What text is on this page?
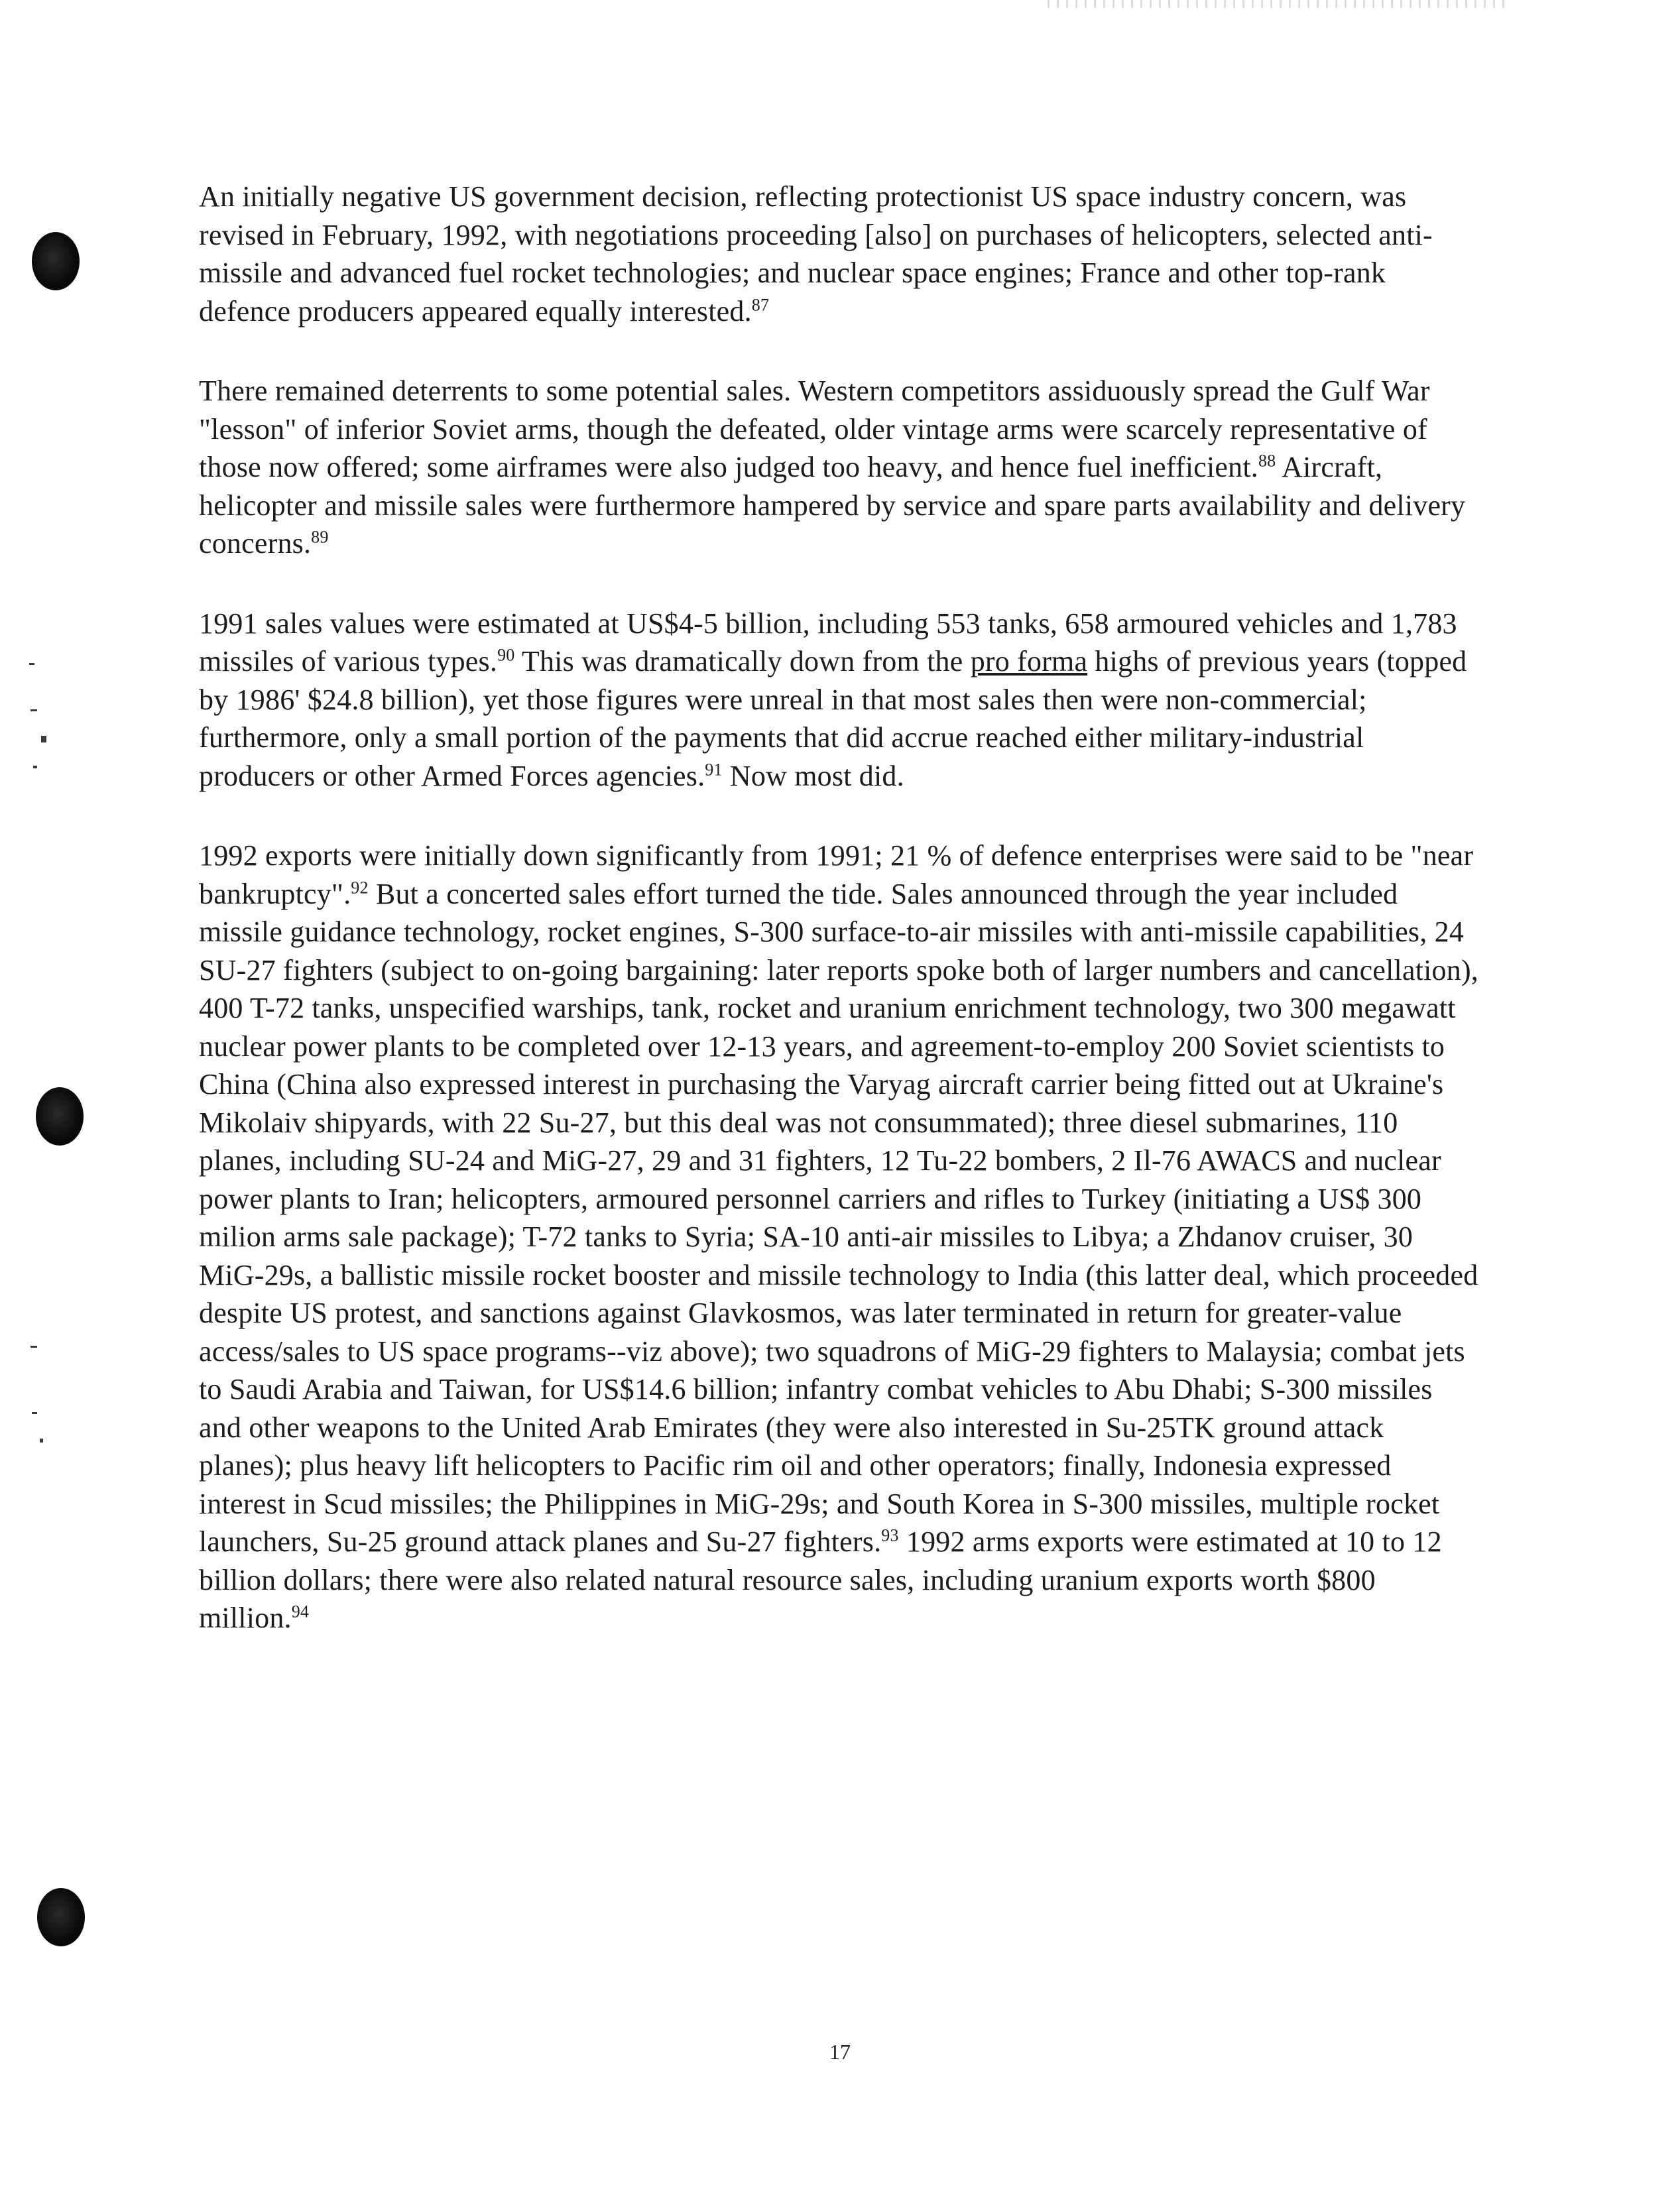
An initially negative US government decision, reflecting protectionist US space industry concern, was revised in February, 1992, with negotiations proceeding [also] on purchases of helicopters, selected anti-missile and advanced fuel rocket technologies; and nuclear space engines; France and other top-rank defence producers appeared equally interested.$^{87}$

There remained deterrents to some potential sales. Western competitors assiduously spread the Gulf War "lesson" of inferior Soviet arms, though the defeated, older vintage arms were scarcely representative of those now offered; some airframes were also judged too heavy, and hence fuel inefficient.$^{88}$ Aircraft, helicopter and missile sales were furthermore hampered by service and spare parts availability and delivery concerns.$^{89}$

1991 sales values were estimated at US$4-5 billion, including 553 tanks, 658 armoured vehicles and 1,783 missiles of various types.$^{90}$ This was dramatically down from the pro forma highs of previous years (topped by 1986' $24.8 billion), yet those figures were unreal in that most sales then were non-commercial; furthermore, only a small portion of the payments that did accrue reached either military-industrial producers or other Armed Forces agencies.$^{91}$ Now most did.

1992 exports were initially down significantly from 1991; 21 % of defence enterprises were said to be "near bankruptcy".$^{92}$ But a concerted sales effort turned the tide. Sales announced through the year included missile guidance technology, rocket engines, S-300 surface-to-air missiles with anti-missile capabilities, 24 SU-27 fighters (subject to on-going bargaining: later reports spoke both of larger numbers and cancellation), 400 T-72 tanks, unspecified warships, tank, rocket and uranium enrichment technology, two 300 megawatt nuclear power plants to be completed over 12-13 years, and agreement-to-employ 200 Soviet scientists to China (China also expressed interest in purchasing the Varyag aircraft carrier being fitted out at Ukraine's Mikolaiv shipyards, with 22 Su-27, but this deal was not consummated); three diesel submarines, 110 planes, including SU-24 and MiG-27, 29 and 31 fighters, 12 Tu-22 bombers, 2 Il-76 AWACS and nuclear power plants to Iran; helicopters, armoured personnel carriers and rifles to Turkey (initiating a US$ 300 milion arms sale package); T-72 tanks to Syria; SA-10 anti-air missiles to Libya; a Zhdanov cruiser, 30 MiG-29s, a ballistic missile rocket booster and missile technology to India (this latter deal, which proceeded despite US protest, and sanctions against Glavkosmos, was later terminated in return for greater-value access/sales to US space programs--viz above); two squadrons of MiG-29 fighters to Malaysia; combat jets to Saudi Arabia and Taiwan, for US$14.6 billion; infantry combat vehicles to Abu Dhabi; S-300 missiles and other weapons to the United Arab Emirates (they were also interested in Su-25TK ground attack planes); plus heavy lift helicopters to Pacific rim oil and other operators; finally, Indonesia expressed interest in Scud missiles; the Philippines in MiG-29s; and South Korea in S-300 missiles, multiple rocket launchers, Su-25 ground attack planes and Su-27 fighters.$^{93}$ 1992 arms exports were estimated at 10 to 12 billion dollars; there were also related natural resource sales, including uranium exports worth $800 million.$^{94}$

17
